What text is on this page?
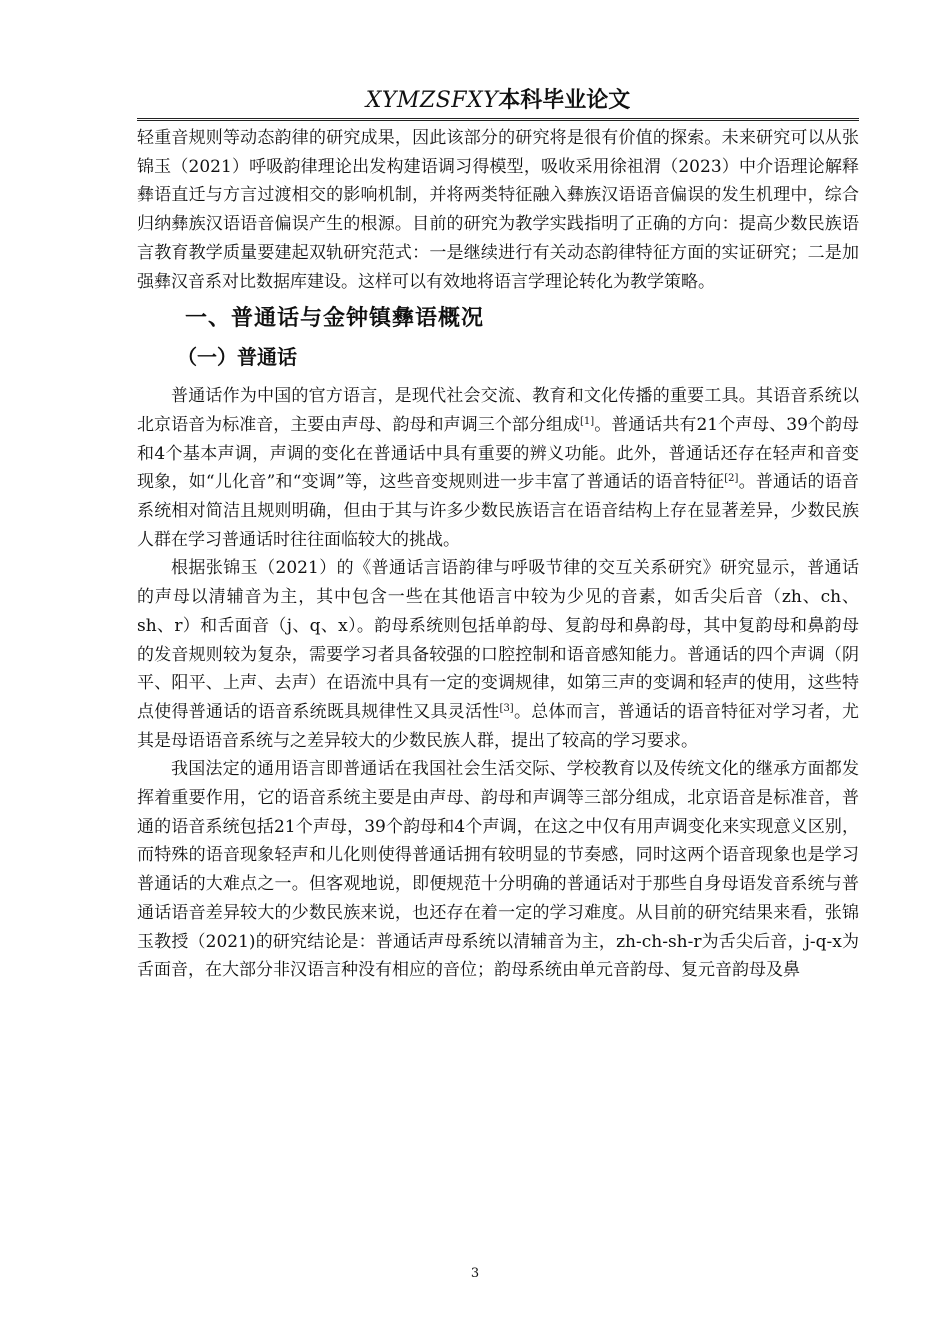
XYMZSFXY本科毕业论文

轻重音规则等动态韵律的研究成果，因此该部分的研究将是很有价值的探索。未来研究可以从张锦玉（2021）呼吸韵律理论出发构建语调习得模型，吸收采用徐祖渭（2023）中介语理论解释彝语直迁与方言过渡相交的影响机制，并将两类特征融入彝族汉语语音偏误的发生机理中，综合归纳彝族汉语语音偏误产生的根源。目前的研究为教学实践指明了正确的方向：提高少数民族语言教育教学质量要建起双轨研究范式：一是继续进行有关动态韵律特征方面的实证研究；二是加强彝汉音系对比数据库建设。这样可以有效地将语言学理论转化为教学策略。

一、普通话与金钟镇彝语概况
（一）普通话

普通话作为中国的官方语言，是现代社会交流、教育和文化传播的重要工具。其语音系统以北京语音为标准音，主要由声母、韵母和声调三个部分组成[1]。普通话共有21个声母、39个韵母和4个基本声调，声调的变化在普通话中具有重要的辨义功能。此外，普通话还存在轻声和音变现象，如“儿化音”和“变调”等，这些音变规则进一步丰富了普通话的语音特征[2]。普通话的语音系统相对简洁且规则明确，但由于其与许多少数民族语言在语音结构上存在显著差异，少数民族人群在学习普通话时往往面临较大的挑战。

根据张锦玉（2021）的《普通话言语韵律与呼吸节律的交互关系研究》研究显示，普通话的声母以清辅音为主，其中包含一些在其他语言中较为少见的音素，如舌尖后音（zh、ch、sh、r）和舌面音（j、q、x）。韵母系统则包括单韵母、复韵母和鼻韵母，其中复韵母和鼻韵母的发音规则较为复杂，需要学习者具备较强的口腔控制和语音感知能力。普通话的四个声调（阴平、阳平、上声、去声）在语流中具有一定的变调规律，如第三声的变调和轻声的使用，这些特点使得普通话的语音系统既具规律性又具灵活性[3]。总体而言，普通话的语音特征对学习者，尤其是母语语音系统与之差异较大的少数民族人群，提出了较高的学习要求。

我国法定的通用语言即普通话在我国社会生活交际、学校教育以及传统文化的继承方面都发挥着重要作用，它的语音系统主要是由声母、韵母和声调等三部分组成，北京语音是标准音，普通的语音系统包括21个声母，39个韵母和4个声调，在这之中仅有用声调变化来实现意义区别，而特殊的语音现象轻声和儿化则使得普通话拥有较明显的节奏感，同时这两个语音现象也是学习普通话的大难点之一。但客观地说，即便规范十分明确的普通话对于那些自身母语发音系统与普通话语音差异较大的少数民族来说，也还存在着一定的学习难度。从目前的研究结果来看，张锦玉教授（2021)的研究结论是：普通话声母系统以清辅音为主，zh-ch-sh-r为舌尖后音，j-q-x为舌面音，在大部分非汉语言种没有相应的音位；韵母系统由单元音韵母、复元音韵母及鼻

3
